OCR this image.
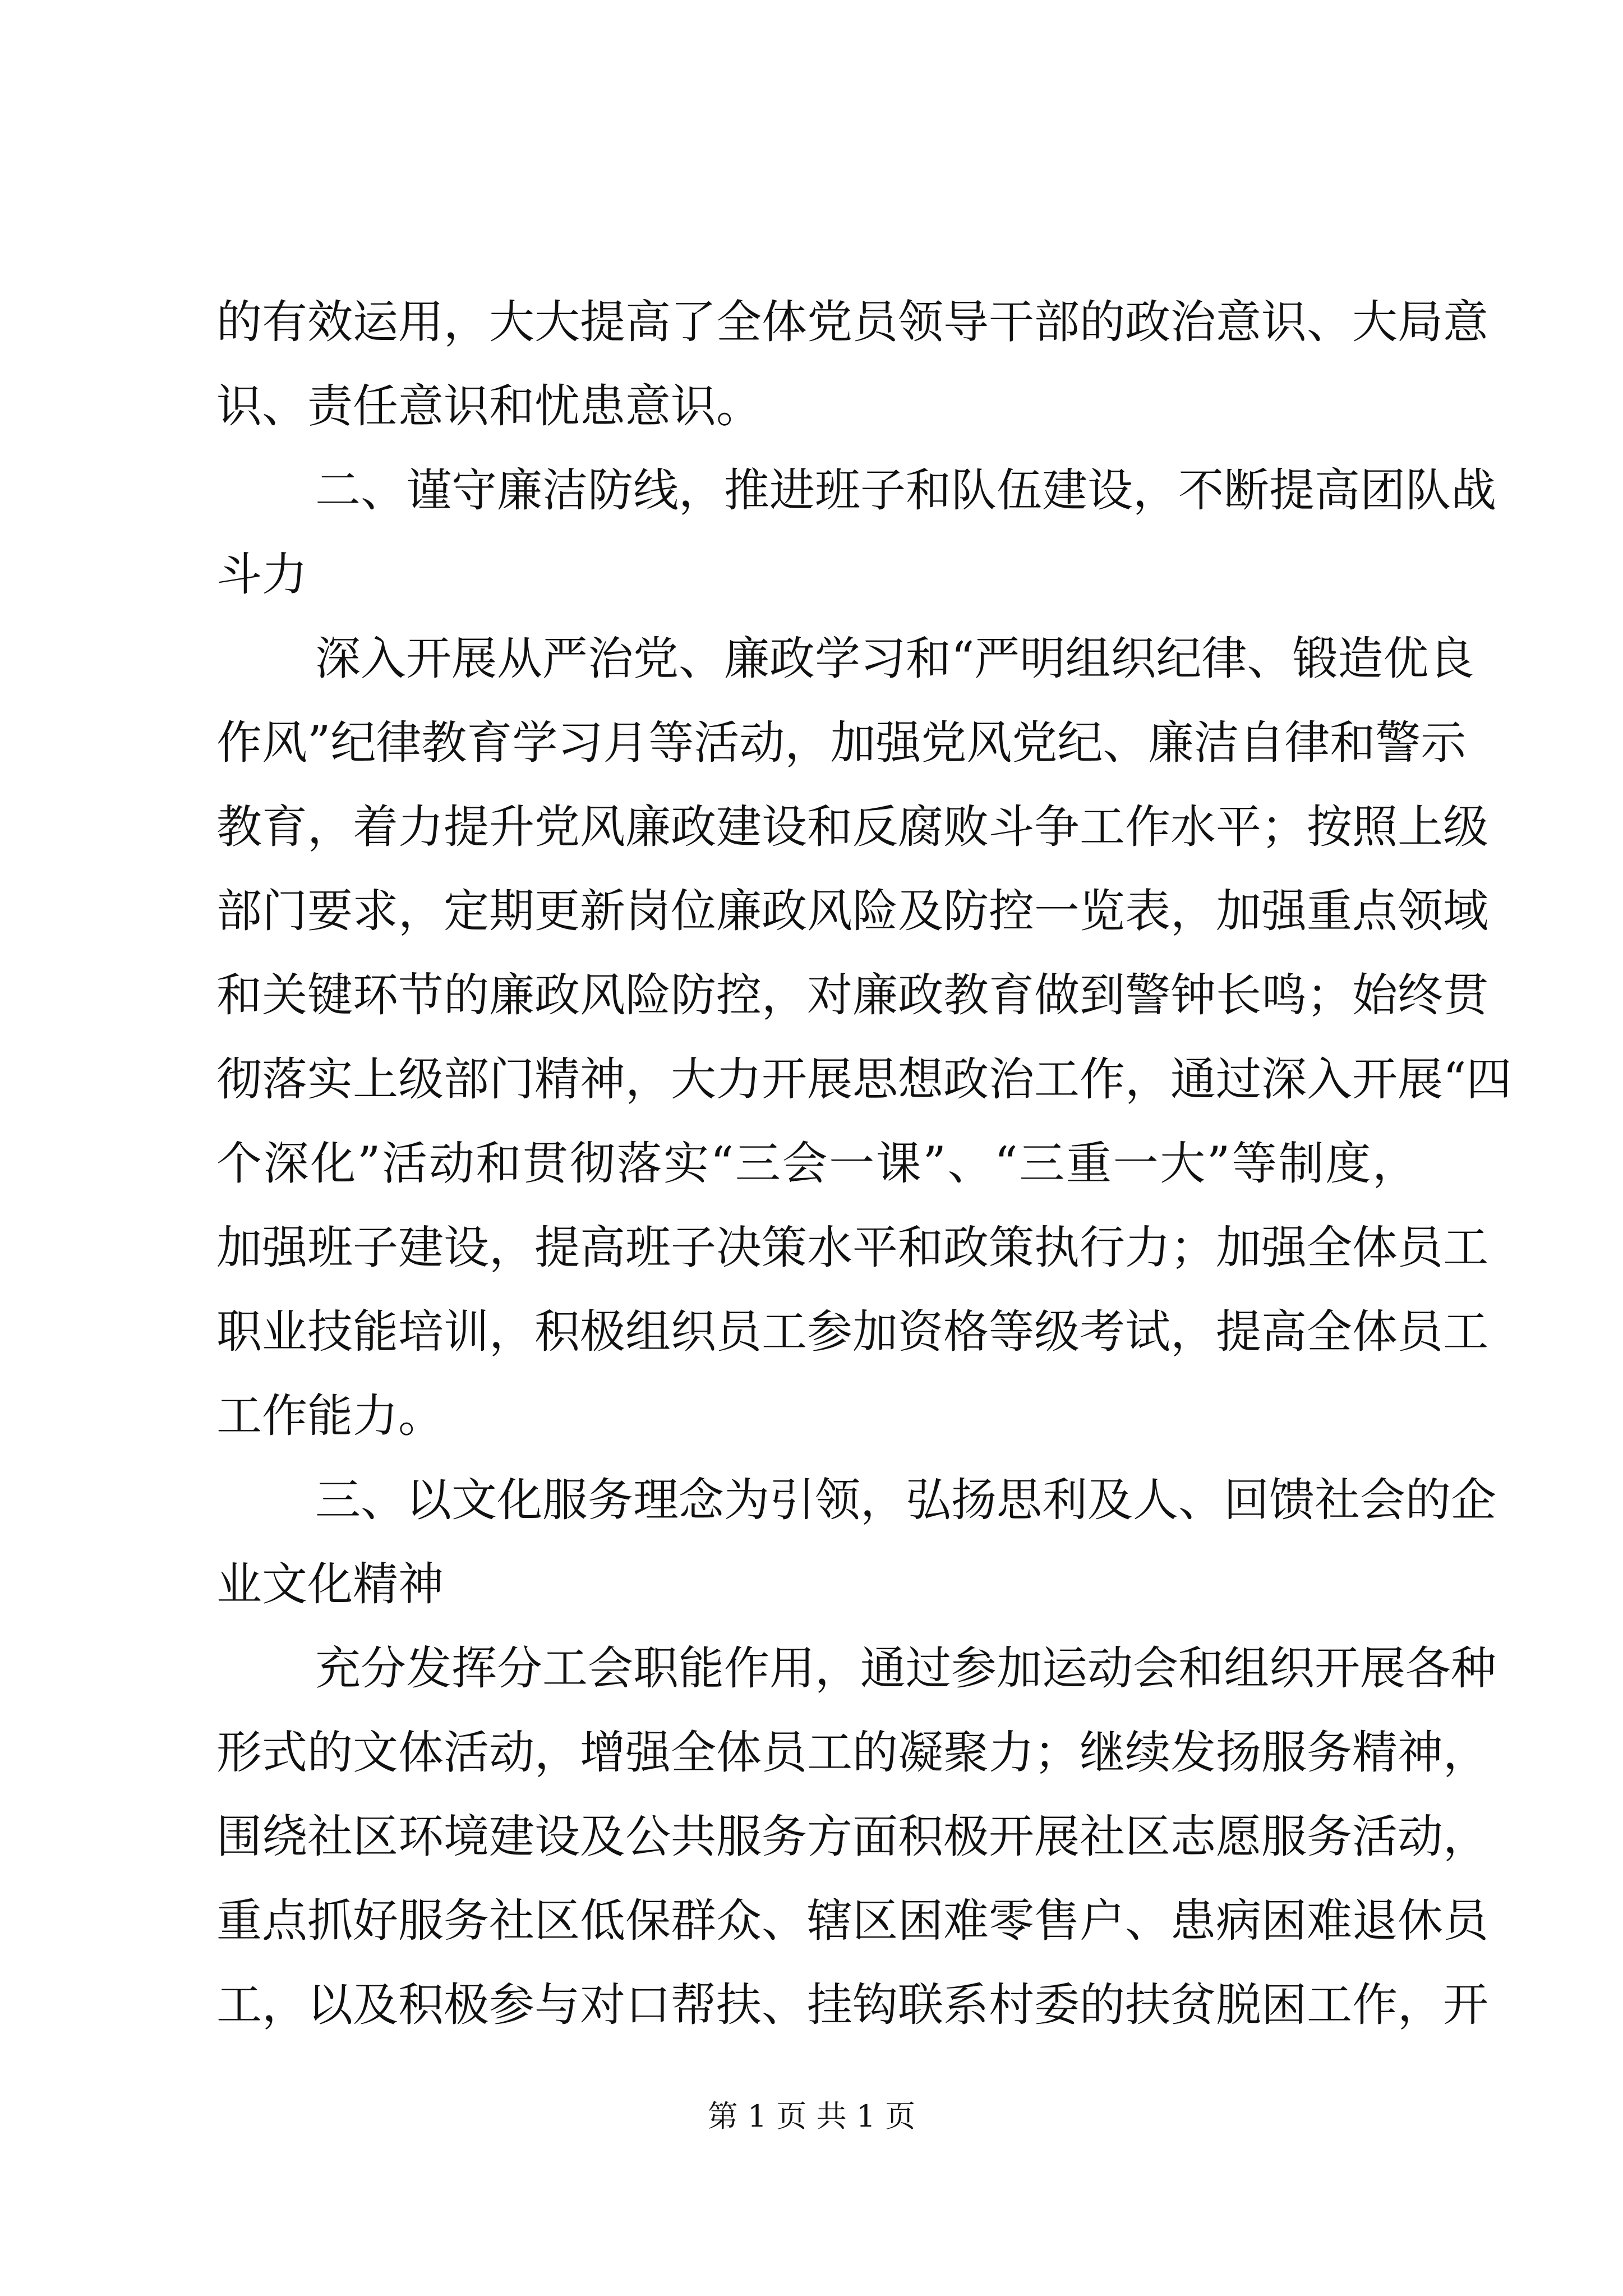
的有效运用，大大提高了全体党员领导干部的政治意识、大局意
识、责任意识和忧患意识。
二、谨守廉洁防线，推进班子和队伍建设，不断提高团队战
斗力
深入开展从严治党、廉政学习和“严明组织纪律、锻造优良
作风”纪律教育学习月等活动，加强党风党纪、廉洁自律和警示
教育，着力提升党风廉政建设和反腐败斗争工作水平；按照上级
部门要求，定期更新岗位廉政风险及防控一览表，加强重点领域
和关键环节的廉政风险防控，对廉政教育做到警钟长鸣；始终贯
彻落实上级部门精神，大力开展思想政治工作，通过深入开展“四
个深化”活动和贯彻落实“三会一课”、“三重一大”等制度，
加强班子建设，提高班子决策水平和政策执行力；加强全体员工
职业技能培训，积极组织员工参加资格等级考试，提高全体员工
工作能力。
三、以文化服务理念为引领，弘扬思利及人、回馈社会的企
业文化精神
充分发挥分工会职能作用，通过参加运动会和组织开展各种
形式的文体活动，增强全体员工的凝聚力；继续发扬服务精神，
围绕社区环境建设及公共服务方面积极开展社区志愿服务活动，
重点抓好服务社区低保群众、辖区困难零售户、患病困难退休员
工，以及积极参与对口帮扶、挂钩联系村委的扶贫脱困工作，开
第 1 页 共 1 页
